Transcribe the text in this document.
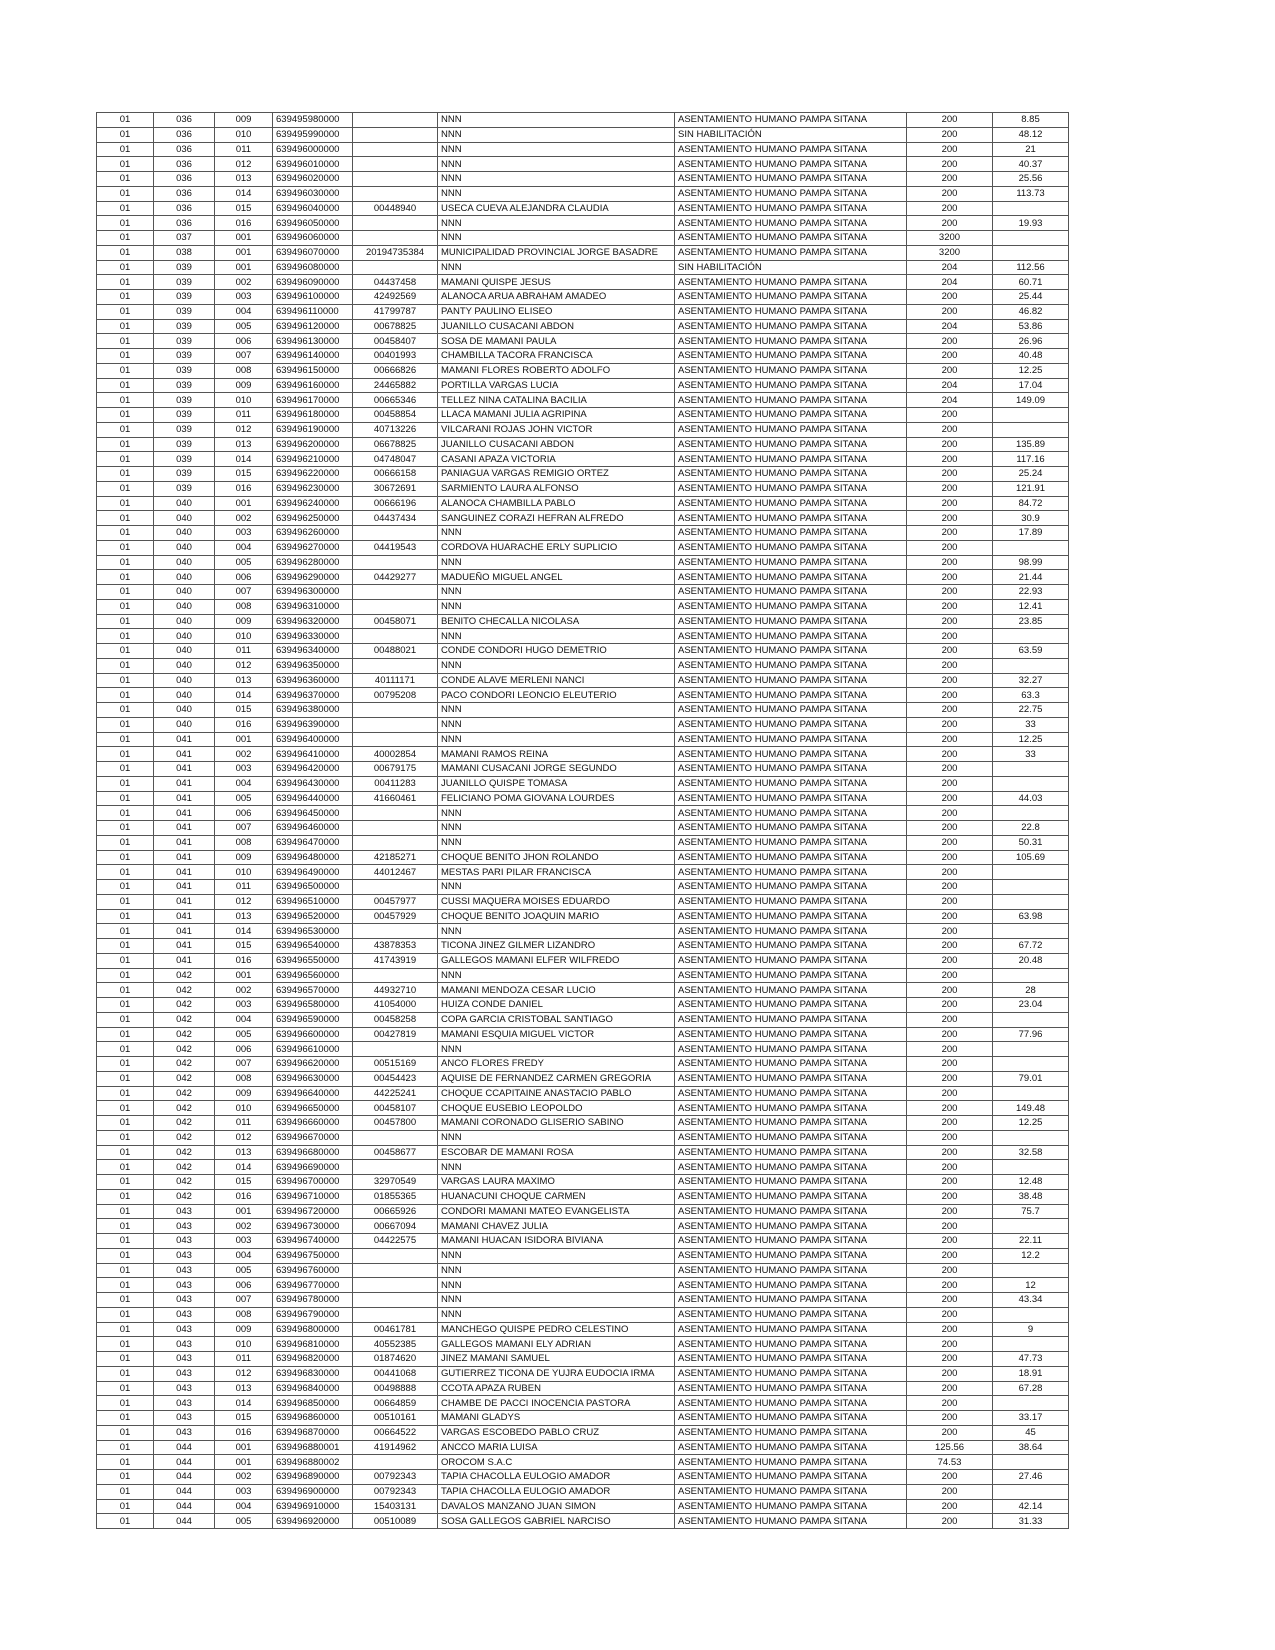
01	036	009	639495980000		NNN	ASENTAMIENTO HUMANO PAMPA SITANA	200	8.85
01	036	010	639495990000		NNN	SIN HABILITACIÓN	200	48.12
01	036	011	639496000000		NNN	ASENTAMIENTO HUMANO PAMPA SITANA	200	21
01	036	012	639496010000		NNN	ASENTAMIENTO HUMANO PAMPA SITANA	200	40.37
01	036	013	639496020000		NNN	ASENTAMIENTO HUMANO PAMPA SITANA	200	25.56
01	036	014	639496030000		NNN	ASENTAMIENTO HUMANO PAMPA SITANA	200	113.73
01	036	015	639496040000	00448940	USECA CUEVA ALEJANDRA CLAUDIA	ASENTAMIENTO HUMANO PAMPA SITANA	200	
01	036	016	639496050000		NNN	ASENTAMIENTO HUMANO PAMPA SITANA	200	19.93
01	037	001	639496060000		NNN	ASENTAMIENTO HUMANO PAMPA SITANA	3200	
01	038	001	639496070000	20194735384	MUNICIPALIDAD PROVINCIAL JORGE BASADRE	ASENTAMIENTO HUMANO PAMPA SITANA	3200	
01	039	001	639496080000		NNN	SIN HABILITACIÓN	204	112.56
01	039	002	639496090000	04437458	MAMANI QUISPE JESUS	ASENTAMIENTO HUMANO PAMPA SITANA	204	60.71
01	039	003	639496100000	42492569	ALANOCA ARUA ABRAHAM AMADEO	ASENTAMIENTO HUMANO PAMPA SITANA	200	25.44
01	039	004	639496110000	41799787	PANTY PAULINO ELISEO	ASENTAMIENTO HUMANO PAMPA SITANA	200	46.82
01	039	005	639496120000	00678825	JUANILLO CUSACANI ABDON	ASENTAMIENTO HUMANO PAMPA SITANA	204	53.86
01	039	006	639496130000	00458407	SOSA DE MAMANI PAULA	ASENTAMIENTO HUMANO PAMPA SITANA	200	26.96
01	039	007	639496140000	00401993	CHAMBILLA TACORA FRANCISCA	ASENTAMIENTO HUMANO PAMPA SITANA	200	40.48
01	039	008	639496150000	00666826	MAMANI FLORES ROBERTO ADOLFO	ASENTAMIENTO HUMANO PAMPA SITANA	200	12.25
01	039	009	639496160000	24465882	PORTILLA VARGAS LUCIA	ASENTAMIENTO HUMANO PAMPA SITANA	204	17.04
01	039	010	639496170000	00665346	TELLEZ NINA CATALINA BACILIA	ASENTAMIENTO HUMANO PAMPA SITANA	204	149.09
01	039	011	639496180000	00458854	LLACA MAMANI JULIA AGRIPINA	ASENTAMIENTO HUMANO PAMPA SITANA	200	
01	039	012	639496190000	40713226	VILCARANI ROJAS JOHN VICTOR	ASENTAMIENTO HUMANO PAMPA SITANA	200	
01	039	013	639496200000	06678825	JUANILLO CUSACANI ABDON	ASENTAMIENTO HUMANO PAMPA SITANA	200	135.89
01	039	014	639496210000	04748047	CASANI APAZA VICTORIA	ASENTAMIENTO HUMANO PAMPA SITANA	200	117.16
01	039	015	639496220000	00666158	PANIAGUA VARGAS REMIGIO ORTEZ	ASENTAMIENTO HUMANO PAMPA SITANA	200	25.24
01	039	016	639496230000	30672691	SARMIENTO LAURA ALFONSO	ASENTAMIENTO HUMANO PAMPA SITANA	200	121.91
01	040	001	639496240000	00666196	ALANOCA CHAMBILLA PABLO	ASENTAMIENTO HUMANO PAMPA SITANA	200	84.72
01	040	002	639496250000	04437434	SANGUINEZ CORAZI HEFRAN ALFREDO	ASENTAMIENTO HUMANO PAMPA SITANA	200	30.9
01	040	003	639496260000		NNN	ASENTAMIENTO HUMANO PAMPA SITANA	200	17.89
01	040	004	639496270000	04419543	CORDOVA HUARACHE ERLY SUPLICIO	ASENTAMIENTO HUMANO PAMPA SITANA	200	
01	040	005	639496280000		NNN	ASENTAMIENTO HUMANO PAMPA SITANA	200	98.99
01	040	006	639496290000	04429277	MADUEÑO MIGUEL ANGEL	ASENTAMIENTO HUMANO PAMPA SITANA	200	21.44
01	040	007	639496300000		NNN	ASENTAMIENTO HUMANO PAMPA SITANA	200	22.93
01	040	008	639496310000		NNN	ASENTAMIENTO HUMANO PAMPA SITANA	200	12.41
01	040	009	639496320000	00458071	BENITO CHECALLA NICOLASA	ASENTAMIENTO HUMANO PAMPA SITANA	200	23.85
01	040	010	639496330000		NNN	ASENTAMIENTO HUMANO PAMPA SITANA	200	
01	040	011	639496340000	00488021	CONDE CONDORI HUGO DEMETRIO	ASENTAMIENTO HUMANO PAMPA SITANA	200	63.59
01	040	012	639496350000		NNN	ASENTAMIENTO HUMANO PAMPA SITANA	200	
01	040	013	639496360000	40111171	CONDE ALAVE MERLENI NANCI	ASENTAMIENTO HUMANO PAMPA SITANA	200	32.27
01	040	014	639496370000	00795208	PACO CONDORI LEONCIO ELEUTERIO	ASENTAMIENTO HUMANO PAMPA SITANA	200	63.3
01	040	015	639496380000		NNN	ASENTAMIENTO HUMANO PAMPA SITANA	200	22.75
01	040	016	639496390000		NNN	ASENTAMIENTO HUMANO PAMPA SITANA	200	33
01	041	001	639496400000		NNN	ASENTAMIENTO HUMANO PAMPA SITANA	200	12.25
01	041	002	639496410000	40002854	MAMANI RAMOS REINA	ASENTAMIENTO HUMANO PAMPA SITANA	200	33
01	041	003	639496420000	00679175	MAMANI CUSACANI JORGE SEGUNDO	ASENTAMIENTO HUMANO PAMPA SITANA	200	
01	041	004	639496430000	00411283	JUANILLO QUISPE TOMASA	ASENTAMIENTO HUMANO PAMPA SITANA	200	
01	041	005	639496440000	41660461	FELICIANO POMA GIOVANA LOURDES	ASENTAMIENTO HUMANO PAMPA SITANA	200	44.03
01	041	006	639496450000		NNN	ASENTAMIENTO HUMANO PAMPA SITANA	200	
01	041	007	639496460000		NNN	ASENTAMIENTO HUMANO PAMPA SITANA	200	22.8
01	041	008	639496470000		NNN	ASENTAMIENTO HUMANO PAMPA SITANA	200	50.31
01	041	009	639496480000	42185271	CHOQUE BENITO JHON ROLANDO	ASENTAMIENTO HUMANO PAMPA SITANA	200	105.69
01	041	010	639496490000	44012467	MESTAS PARI PILAR FRANCISCA	ASENTAMIENTO HUMANO PAMPA SITANA	200	
01	041	011	639496500000		NNN	ASENTAMIENTO HUMANO PAMPA SITANA	200	
01	041	012	639496510000	00457977	CUSSI MAQUERA MOISES EDUARDO	ASENTAMIENTO HUMANO PAMPA SITANA	200	
01	041	013	639496520000	00457929	CHOQUE BENITO JOAQUIN MARIO	ASENTAMIENTO HUMANO PAMPA SITANA	200	63.98
01	041	014	639496530000		NNN	ASENTAMIENTO HUMANO PAMPA SITANA	200	
01	041	015	639496540000	43878353	TICONA JINEZ GILMER LIZANDRO	ASENTAMIENTO HUMANO PAMPA SITANA	200	67.72
01	041	016	639496550000	41743919	GALLEGOS MAMANI ELFER WILFREDO	ASENTAMIENTO HUMANO PAMPA SITANA	200	20.48
01	042	001	639496560000		NNN	ASENTAMIENTO HUMANO PAMPA SITANA	200	
01	042	002	639496570000	44932710	MAMANI MENDOZA CESAR LUCIO	ASENTAMIENTO HUMANO PAMPA SITANA	200	28
01	042	003	639496580000	41054000	HUIZA CONDE DANIEL	ASENTAMIENTO HUMANO PAMPA SITANA	200	23.04
01	042	004	639496590000	00458258	COPA GARCIA CRISTOBAL SANTIAGO	ASENTAMIENTO HUMANO PAMPA SITANA	200	
01	042	005	639496600000	00427819	MAMANI ESQUIA MIGUEL VICTOR	ASENTAMIENTO HUMANO PAMPA SITANA	200	77.96
01	042	006	639496610000		NNN	ASENTAMIENTO HUMANO PAMPA SITANA	200	
01	042	007	639496620000	00515169	ANCO FLORES FREDY	ASENTAMIENTO HUMANO PAMPA SITANA	200	
01	042	008	639496630000	00454423	AQUISE DE FERNANDEZ CARMEN GREGORIA	ASENTAMIENTO HUMANO PAMPA SITANA	200	79.01
01	042	009	639496640000	44225241	CHOQUE CCAPITAINE ANASTACIO PABLO	ASENTAMIENTO HUMANO PAMPA SITANA	200	
01	042	010	639496650000	00458107	CHOQUE EUSEBIO LEOPOLDO	ASENTAMIENTO HUMANO PAMPA SITANA	200	149.48
01	042	011	639496660000	00457800	MAMANI CORONADO GLISERIO SABINO	ASENTAMIENTO HUMANO PAMPA SITANA	200	12.25
01	042	012	639496670000		NNN	ASENTAMIENTO HUMANO PAMPA SITANA	200	
01	042	013	639496680000	00458677	ESCOBAR DE MAMANI ROSA	ASENTAMIENTO HUMANO PAMPA SITANA	200	32.58
01	042	014	639496690000		NNN	ASENTAMIENTO HUMANO PAMPA SITANA	200	
01	042	015	639496700000	32970549	VARGAS LAURA MAXIMO	ASENTAMIENTO HUMANO PAMPA SITANA	200	12.48
01	042	016	639496710000	01855365	HUANACUNI CHOQUE CARMEN	ASENTAMIENTO HUMANO PAMPA SITANA	200	38.48
01	043	001	639496720000	00665926	CONDORI MAMANI MATEO EVANGELISTA	ASENTAMIENTO HUMANO PAMPA SITANA	200	75.7
01	043	002	639496730000	00667094	MAMANI CHAVEZ JULIA	ASENTAMIENTO HUMANO PAMPA SITANA	200	
01	043	003	639496740000	04422575	MAMANI HUACAN ISIDORA BIVIANA	ASENTAMIENTO HUMANO PAMPA SITANA	200	22.11
01	043	004	639496750000		NNN	ASENTAMIENTO HUMANO PAMPA SITANA	200	12.2
01	043	005	639496760000		NNN	ASENTAMIENTO HUMANO PAMPA SITANA	200	
01	043	006	639496770000		NNN	ASENTAMIENTO HUMANO PAMPA SITANA	200	12
01	043	007	639496780000		NNN	ASENTAMIENTO HUMANO PAMPA SITANA	200	43.34
01	043	008	639496790000		NNN	ASENTAMIENTO HUMANO PAMPA SITANA	200	
01	043	009	639496800000	00461781	MANCHEGO QUISPE PEDRO CELESTINO	ASENTAMIENTO HUMANO PAMPA SITANA	200	9
01	043	010	639496810000	40552385	GALLEGOS MAMANI ELY ADRIAN	ASENTAMIENTO HUMANO PAMPA SITANA	200	
01	043	011	639496820000	01874620	JINEZ MAMANI SAMUEL	ASENTAMIENTO HUMANO PAMPA SITANA	200	47.73
01	043	012	639496830000	00441068	GUTIERREZ TICONA DE YUJRA EUDOCIA IRMA	ASENTAMIENTO HUMANO PAMPA SITANA	200	18.91
01	043	013	639496840000	00498888	CCOTA APAZA RUBEN	ASENTAMIENTO HUMANO PAMPA SITANA	200	67.28
01	043	014	639496850000	00664859	CHAMBE DE PACCI INOCENCIA PASTORA	ASENTAMIENTO HUMANO PAMPA SITANA	200	
01	043	015	639496860000	00510161	MAMANI GLADYS	ASENTAMIENTO HUMANO PAMPA SITANA	200	33.17
01	043	016	639496870000	00664522	VARGAS ESCOBEDO PABLO CRUZ	ASENTAMIENTO HUMANO PAMPA SITANA	200	45
01	044	001	639496880001	41914962	ANCCO MARIA LUISA	ASENTAMIENTO HUMANO PAMPA SITANA	125.56	38.64
01	044	001	639496880002		OROCOM S.A.C	ASENTAMIENTO HUMANO PAMPA SITANA	74.53	
01	044	002	639496890000	00792343	TAPIA CHACOLLA EULOGIO AMADOR	ASENTAMIENTO HUMANO PAMPA SITANA	200	27.46
01	044	003	639496900000	00792343	TAPIA CHACOLLA EULOGIO AMADOR	ASENTAMIENTO HUMANO PAMPA SITANA	200	
01	044	004	639496910000	15403131	DAVALOS MANZANO JUAN SIMON	ASENTAMIENTO HUMANO PAMPA SITANA	200	42.14
01	044	005	639496920000	00510089	SOSA GALLEGOS GABRIEL NARCISO	ASENTAMIENTO HUMANO PAMPA SITANA	200	31.33
